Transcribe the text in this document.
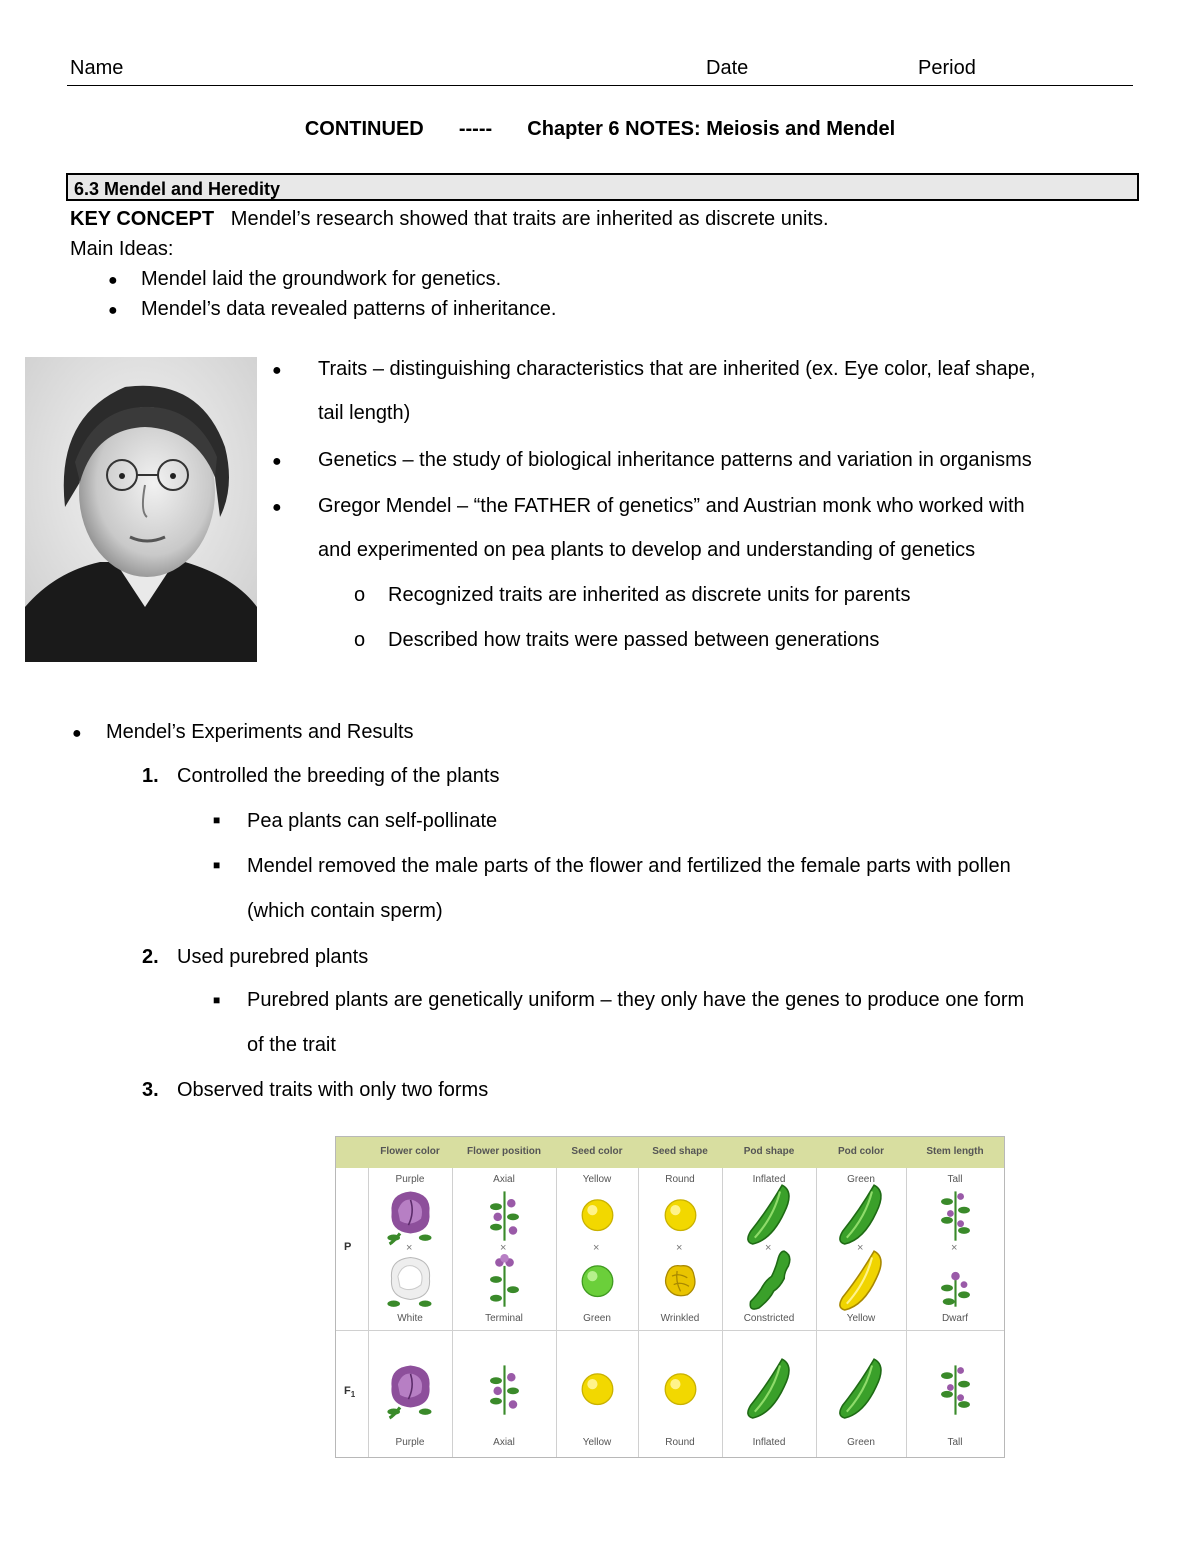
Name	Date	Period
CONTINUED ----- Chapter 6 NOTES: Meiosis and Mendel
6.3 Mendel and Heredity
KEY CONCEPT Mendel’s research showed that traits are inherited as discrete units.
Main Ideas:
● Mendel laid the groundwork for genetics.
● Mendel’s data revealed patterns of inheritance.
● Traits – distinguishing characteristics that are inherited (ex. Eye color, leaf shape,
tail length)
● Genetics – the study of biological inheritance patterns and variation in organisms
● Gregor Mendel – “the FATHER of genetics” and Austrian monk who worked with
and experimented on pea plants to develop and understanding of genetics
o Recognized traits are inherited as discrete units for parents
o Described how traits were passed between generations
● Mendel’s Experiments and Results
1. Controlled the breeding of the plants
■ Pea plants can self-pollinate
■ Mendel removed the male parts of the flower and fertilized the female parts with pollen
(which contain sperm)
2. Used purebred plants
■ Purebred plants are genetically uniform – they only have the genes to produce one form
of the trait
3. Observed traits with only two forms
P
$F_1$
Flower color
Purple
White
Purple
×
Flower position
Axial
Terminal
Axial
×
Seed color
Yellow
Green
Yellow
×
Seed shape
Round
Wrinkled
Round
×
Pod shape
Inflated
Constricted
Inflated
×
Pod color
Green
Yellow
Green
×
Stem length
Tall
Dwarf
Tall
×
